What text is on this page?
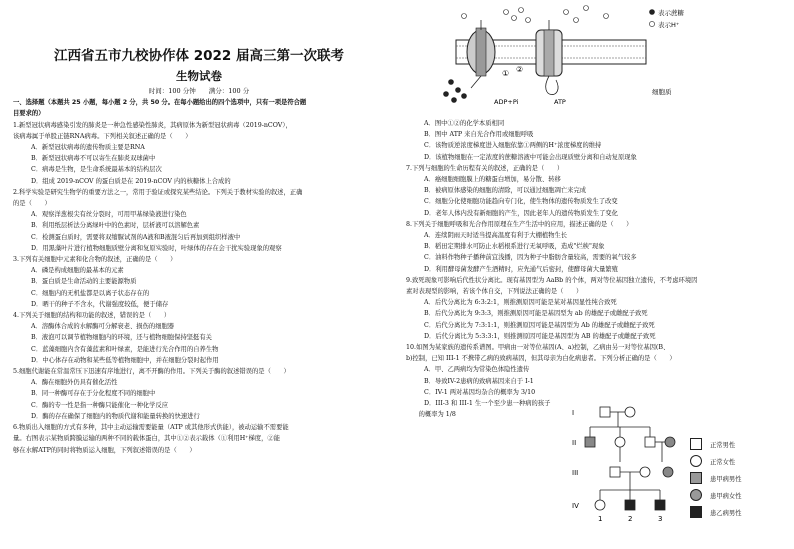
江西省五市九校协作体 2022 届高三第一次联考
生物试卷
时间：100 分钟　　满分：100 分
一、选择题（本题共 25 小题，每小题 2 分，共 50 分。在每小题给出的四个选项中，只有一项是符合题
目要求的）
1.新型冠状病毒感染引发的肺炎是一种急性感染性肺炎，其病原体为新型冠状病毒（2019-nCOV），
该病毒属于单股正链RNA病毒。下列相关叙述正确的是（　　）
A．新型冠状病毒的遗传物质主要是RNA
B．新型冠状病毒不可以寄生在肺炎双球菌中
C．病毒是生物，是生命系统最基本的结构层次
D．组成 2019-nCOV 的蛋白质是在 2019-nCOV 内的核糖体上合成的
2.科学实验是研究生物学的重要方法之一，常用于验证或探究某些结论。下列关于教材实验的叙述，正确
的是（　　）
A．观察洋葱根尖有丝分裂时，可用甲基绿染液进行染色
B．利用纸层析法分离绿叶中的色素时，层析液可以溶解色素
C．检测蛋白质时，需要将双缩脲试剂的A液和B液混匀后再加到组织样液中
D．用黑藻叶片进行植物细胞质壁分离和复原实验时，叶绿体的存在会干扰实验现象的观察
3.下列有关细胞中元素和化合物的叙述，正确的是（　　）
A．磷是构成细胞的最基本的元素
B．蛋白质是生命活动的主要能源物质
C．细胞内的无机盐都是以离子状态存在的
D．晒干的种子不含水，代谢强度较低，便于储存
4.下列关于细胞的结构和功能的叙述，错误的是（　　）
A．溶酶体合成的水解酶可分解衰老、损伤的细胞器
B．液泡可以调节植物细胞内的环境，还与植物细胞保持坚挺有关
C．蓝藻细胞内含有藻蓝素和叶绿素，是能进行光合作用的自养生物
D．中心体存在动物和某些低等植物细胞中，并在细胞分裂时起作用
5.细胞代谢能在常温常压下迅速有序地进行，离不开酶的作用。下列关于酶的叙述错误的是（　　）
A．酶在细胞外仍具有催化活性
B．同一种酶可存在于分化程度不同的细胞中
C．酶的专一性是指一种酶只能催化一种化学反应
D．酶的存在确保了细胞内的物质代谢和能量转换的快速进行
6.物质出入细胞的方式有多种，其中主动运输需要能量（ATP 或其他形式供能），被动运输不需要能
量。右图表示某物质跨膜运输的两种不同的载体蛋白，其中①②表示载体（①利用H⁺梯度，②能
够在水解ATP的同时将物质运入细胞，下列叙述错误的是（　　）
① ②
ADP+Pi	ATP
细胞质
表示蔗糖
表示H⁺
A．图中①②的化学本质相同
B．图中 ATP 来自光合作用或细胞呼吸
C．该物质逆浓度梯度进入细胞依靠①两侧的H⁺浓度梯度的维持
D．该植物细胞在一定浓度的蔗糖溶液中可能会出现质壁分离和自动复原现象
7.下列与细胞的生命历程有关的叙述，正确的是（　　）
A．癌细胞细胞膜上的糖蛋白增加，易分散、转移
B．被病原体感染的细胞的清除，可以通过细胞凋亡来完成
C．细胞分化使细胞功能趋向专门化，使生物体的遗传物质发生了改变
D．老年人体内没有新细胞的产生，因此老年人的遗传物质发生了变化
8.下列关于细胞呼吸和光合作用原理在生产生活中的应用，描述正确的是（　　）
A．连续阴雨天时适当提高温度有利于大棚植物生长
B．稻田定期排水可防止水稻根系进行无氧呼吸，造成"烂秧"现象
C．油料作物种子播种前宜浅播，因为种子中脂肪含量较高，需要的氧气较多
D．利用酵母菌发酵产生酒精时，应先通气后密封，使酵母菌大量繁殖
9.致死现象可影响后代性状分离比。现有基因型为 AaBb 的个体，两对等位基因独立遗传，不考虑环境因
素对表现型的影响，若该个体自交，下列说法正确的是（　　）
A．后代分离比为 6:3:2:1，则推测原因可能是某对基因显性纯合致死
B．后代分离比为 9:3:3，则推测原因可能是基因型为 ab 的雄配子或雌配子致死
C．后代分离比为 7:3:1:1，则推测原因可能是基因型为 Ab 的雄配子或雌配子致死
D．后代分离比为 5:3:3:1，则推测原因可能是基因型为 AB 的雄配子或雌配子致死
10.如图为某家族的遗传系谱图。甲病由一对等位基因(A、a)控制，乙病由另一对等位基因(B、
b)控制，已知 III-1 不携带乙病的致病基因，但其母亲为白化病患者。下列分析正确的是（　　）
A．甲、乙两病均为常染色体隐性遗传
B．导致IV-2患病的致病基因来自于 I-1
C．IV-1 两对基因均杂合的概率为 3/10
D．III-3 和 III-1 生一个至少患一种病的孩子
　　的概率为 1/8	I
II
III
IV
1	2	3
正常男性
正常女性
患甲病男性
患甲病女性
患乙病男性
